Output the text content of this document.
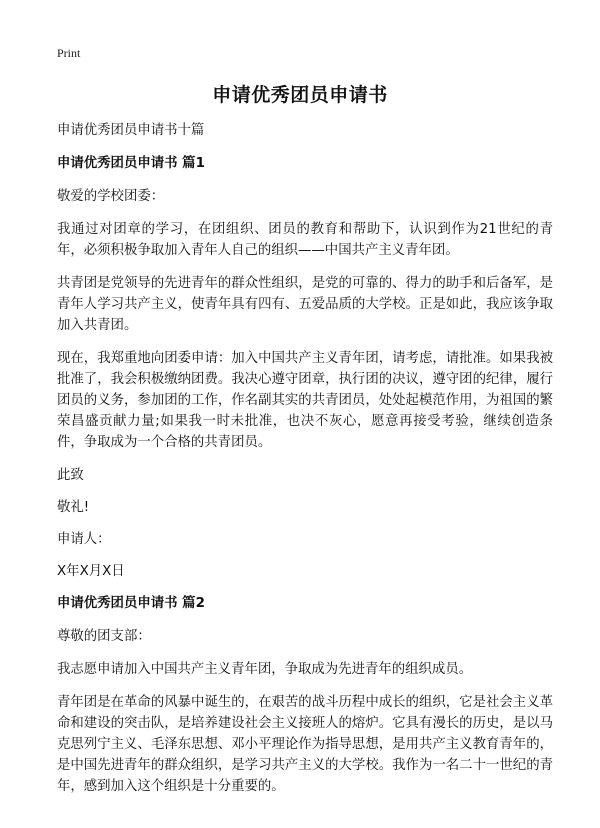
Print
申请优秀团员申请书

申请优秀团员申请书十篇

申请优秀团员申请书 篇1

敬爱的学校团委：

我通过对团章的学习，在团组织、团员的教育和帮助下，认识到作为21世纪的青年，必须积极争取加入青年人自己的组织——中国共产主义青年团。

共青团是党领导的先进青年的群众性组织，是党的可靠的、得力的助手和后备军，是青年人学习共产主义，使青年具有四有、五爱品质的大学校。正是如此，我应该争取加入共青团。

现在，我郑重地向团委申请：加入中国共产主义青年团，请考虑，请批准。如果我被批准了，我会积极缴纳团费。我决心遵守团章，执行团的决议，遵守团的纪律，履行团员的义务，参加团的工作，作名副其实的共青团员，处处起模范作用，为祖国的繁荣昌盛贡献力量;如果我一时未批准，也决不灰心，愿意再接受考验，继续创造条件，争取成为一个合格的共青团员。

此致

敬礼!

申请人：

X年X月X日

申请优秀团员申请书 篇2

尊敬的团支部：

我志愿申请加入中国共产主义青年团，争取成为先进青年的组织成员。

青年团是在革命的风暴中诞生的，在艰苦的战斗历程中成长的组织，它是社会主义革命和建设的突击队，是培养建设社会主义接班人的熔炉。它具有漫长的历史，是以马克思列宁主义、毛泽东思想、邓小平理论作为指导思想，是用共产主义教育青年的，是中国先进青年的群众组织，是学习共产主义的大学校。我作为一名二十一世纪的青年，感到加入这个组织是十分重要的。
